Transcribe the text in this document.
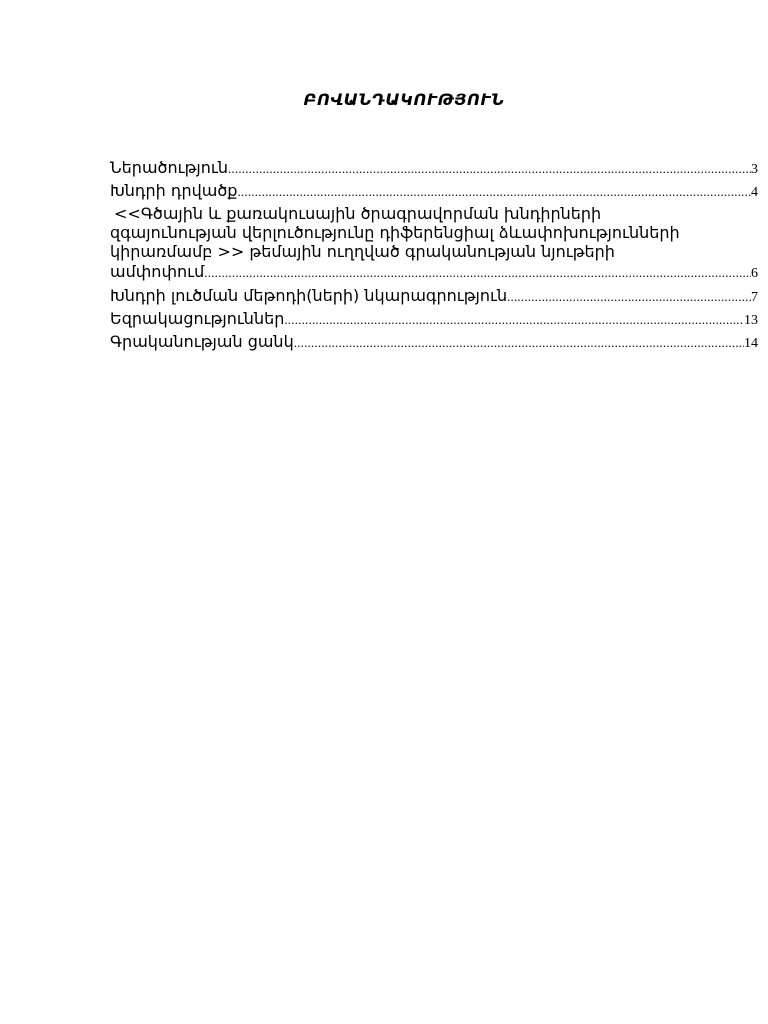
ԲՈՎԱՆԴԱԿՈՒԹՅՈՒՆ
Ներածություն .....	3
Խնդրի դրվածք .....	4
<<Գծային և քառակուսային ծրագրավորման խնդիրների
զգայունության վերլուծությունը դիֆերենցիալ ձևափոխությունների
կիրառմամբ >> թեմային ուղղված գրականության նյութերի
ամփոփում .....	6
Խնդրի լուծման մեթոդի(ների) նկարագրություն .....	7
Եզրակացություններ .....	13
Գրականության ցանկ .....	14
